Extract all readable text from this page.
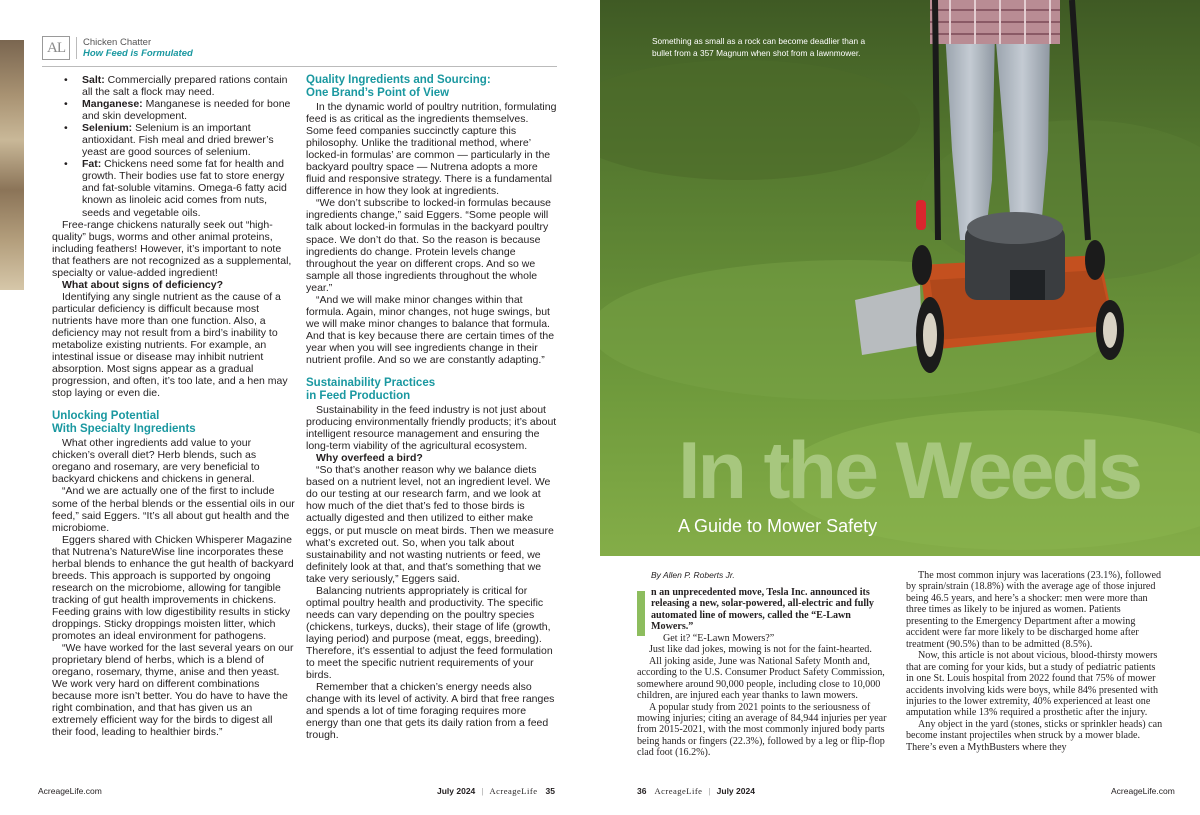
AL	Chicken Chatter
How Feed is Formulated
• Salt: Commercially prepared rations contain all the salt a flock may need.
• Manganese: Manganese is needed for bone and skin development.
• Selenium: Selenium is an important antioxidant. Fish meal and dried brewer’s yeast are good sources of selenium.
• Fat: Chickens need some fat for health and growth. Their bodies use fat to store energy and fat-soluble vitamins. Omega-6 fatty acid known as linoleic acid comes from nuts, seeds and vegetable oils.

Free-range chickens naturally seek out “high-quality” bugs, worms and other animal proteins, including feathers! However, it’s important to note that feathers are not recognized as a supplemental, specialty or value-added ingredient!

What about signs of deficiency?

Identifying any single nutrient as the cause of a particular deficiency is difficult because most nutrients have more than one function. Also, a deficiency may not result from a bird’s inability to metabolize existing nutrients. For example, an intestinal issue or disease may inhibit nutrient absorption. Most signs appear as a gradual progression, and often, it’s too late, and a hen may stop laying or even die.

Unlocking Potential
With Specialty Ingredients

What other ingredients add value to your chicken’s overall diet? Herb blends, such as oregano and rosemary, are very beneficial to backyard chickens and chickens in general.

“And we are actually one of the first to include some of the herbal blends or the essential oils in our feed,” said Eggers. “It’s all about gut health and the microbiome.

Eggers shared with Chicken Whisperer Magazine that Nutrena’s NatureWise line incorporates these herbal blends to enhance the gut health of backyard breeds. This approach is supported by ongoing research on the microbiome, allowing for tangible tracking of gut health improvements in chickens. Feeding grains with low digestibility results in sticky droppings. Sticky droppings moisten litter, which promotes an ideal environment for pathogens.

“We have worked for the last several years on our proprietary blend of herbs, which is a blend of oregano, rosemary, thyme, anise and then yeast. We work very hard on different combinations because more isn’t better. You do have to have the right combination, and that has given us an extremely efficient way for the birds to digest all their food, leading to healthier birds.”

Quality Ingredients and Sourcing:
One Brand’s Point of View

In the dynamic world of poultry nutrition, formulating feed is as critical as the ingredients themselves. Some feed companies succinctly capture this philosophy. Unlike the traditional method, where’ locked-in formulas’ are common — particularly in the backyard poultry space — Nutrena adopts a more fluid and responsive strategy. There is a fundamental difference in how they look at ingredients.

“We don’t subscribe to locked-in formulas because ingredients change,” said Eggers. “Some people will talk about locked-in formulas in the backyard poultry space. We don’t do that. So the reason is because ingredients do change. Protein levels change throughout the year on different crops. And so we sample all those ingredients throughout the whole year.”

“And we will make minor changes within that formula. Again, minor changes, not huge swings, but we will make minor changes to balance that formula. And that is key because there are certain times of the year when you will see ingredients change in their nutrient profile. And so we are constantly adapting.”

Sustainability Practices
in Feed Production

Sustainability in the feed industry is not just about producing environmentally friendly products; it’s about intelligent resource management and ensuring the long-term viability of the agricultural ecosystem.

Why overfeed a bird?

“So that’s another reason why we balance diets based on a nutrient level, not an ingredient level. We do our testing at our research farm, and we look at how much of the diet that’s fed to those birds is actually digested and then utilized to either make eggs, or put muscle on meat birds. Then we measure what’s excreted out. So, when you talk about sustainability and not wasting nutrients or feed, we definitely look at that, and that’s something that we take very seriously,” Eggers said.

Balancing nutrients appropriately is critical for optimal poultry health and productivity. The specific needs can vary depending on the poultry species (chickens, turkeys, ducks), their stage of life (growth, laying period) and purpose (meat, eggs, breeding). Therefore, it’s essential to adjust the feed formulation to meet the specific nutrient requirements of your birds.

Remember that a chicken’s energy needs also change with its level of activity. A bird that free ranges and spends a lot of time foraging requires more energy than one that gets its daily ration from a feed trough.

AcreageLife.com	July 2024 | AcreageLife 35
Something as small as a rock can become deadlier than a bullet from a 357 Magnum when shot from a lawnmower.
In the Weeds
A Guide to Mower Safety
By Allen P. Roberts Jr.

I	n an unprecedented move, Tesla Inc. announced its releasing a new, solar-powered, all-electric and fully automated line of mowers, called the “E-Lawn Mowers.”

Get it? “E-Lawn Mowers?”

Just like dad jokes, mowing is not for the faint-hearted.

All joking aside, June was National Safety Month and, according to the U.S. Consumer Product Safety Commission, somewhere around 90,000 people, including close to 10,000 children, are injured each year thanks to lawn mowers.

A popular study from 2021 points to the seriousness of mowing injuries; citing an average of 84,944 injuries per year from 2015-2021, with the most commonly injured body parts being hands or fingers (22.3%), followed by a leg or flip-flop clad foot (16.2%).

The most common injury was lacerations (23.1%), followed by sprain/strain (18.8%) with the average age of those injured being 46.5 years, and here’s a shocker: men were more than three times as likely to be injured as women. Patients presenting to the Emergency Department after a mowing accident were far more likely to be discharged home after treatment (90.5%) than to be admitted (8.5%).

Now, this article is not about vicious, blood-thirsty mowers that are coming for your kids, but a study of pediatric patients in one St. Louis hospital from 2022 found that 75% of mower accidents involving kids were boys, while 84% presented with injuries to the lower extremity, 40% experienced at least one amputation while 13% required a prosthetic after the injury.

Any object in the yard (stones, sticks or sprinkler heads) can become instant projectiles when struck by a mower blade. There’s even a MythBusters where they

36 AcreageLife | July 2024	AcreageLife.com
